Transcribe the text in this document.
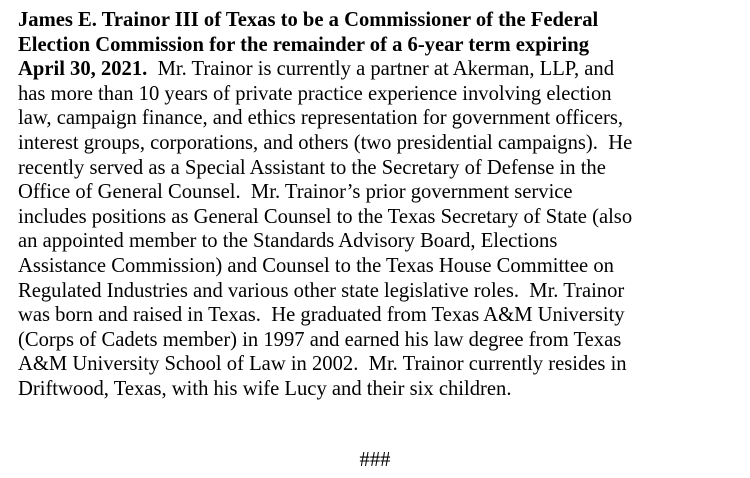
James E. Trainor III of Texas to be a Commissioner of the Federal
Election Commission for the remainder of a 6-year term expiring
April 30, 2021.  Mr. Trainor is currently a partner at Akerman, LLP, and
has more than 10 years of private practice experience involving election
law, campaign finance, and ethics representation for government officers,
interest groups, corporations, and others (two presidential campaigns).  He
recently served as a Special Assistant to the Secretary of Defense in the
Office of General Counsel.  Mr. Trainor’s prior government service
includes positions as General Counsel to the Texas Secretary of State (also
an appointed member to the Standards Advisory Board, Elections
Assistance Commission) and Counsel to the Texas House Committee on
Regulated Industries and various other state legislative roles.  Mr. Trainor
was born and raised in Texas.  He graduated from Texas A&M University
(Corps of Cadets member) in 1997 and earned his law degree from Texas
A&M University School of Law in 2002.  Mr. Trainor currently resides in
Driftwood, Texas, with his wife Lucy and their six children.
###
